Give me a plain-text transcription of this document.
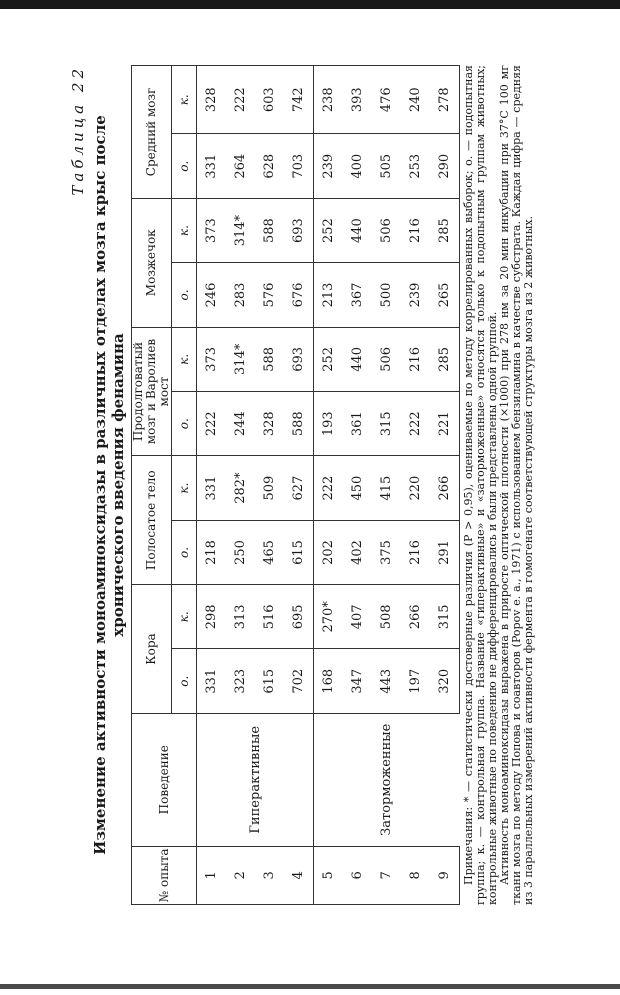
Таблица 22 Изменение активности моноаминоксидазы в различных отделах мозга крыс после хронического введения фенамина
№ опыта	Поведение	Кора		Полосатое тело		Продолговатый мозг и Варолиев мост		Мозжечок		Средний мозг	
		о.	к.	о.	к.	о.	к.	о.	к.	о.	к.
1	Гиперактивные	331	298	218	331	222	373	246	373	331	328
2		323	313	250	282*	244	314*	283	314*	264	222
3		615	516	465	509	328	588	576	588	628	603
4		702	695	615	627	588	693	676	693	703	742
5	Заторможенные	168	270*	202	222	193	252	213	252	239	238
6		347	407	402	450	361	440	367	440	400	393
7		443	508	375	415	315	506	500	506	505	476
8		197	266	216	220	222	216	239	216	253	240
9		320	315	291	266	221	285	265	285	290	278 Примечания: * — статистически достоверные различия (P > 0,95), оцениваемые по методу коррелированных выборок; о. — подопытная группа; к. — контрольная группа. Название «гиперактивные» и «заторможенные» относятся только к подопытным группам животных; контрольные животные по поведению не дифференцировались и были представлены одной группой. Активность моноаминоксидазы выражена в приросте оптической плотности (×1000) при 278 нм за 20 мин инкубации при 37°С 100 мг ткани мозга по методу Попова и соавторов (Popov e. a., 1971) с использованием бензиламина в качестве субстрата. Каждая цифра — средняя из 3 параллельных измерений активности фермента в гомогенате соответствующей структуры мозга из 2 животных.
